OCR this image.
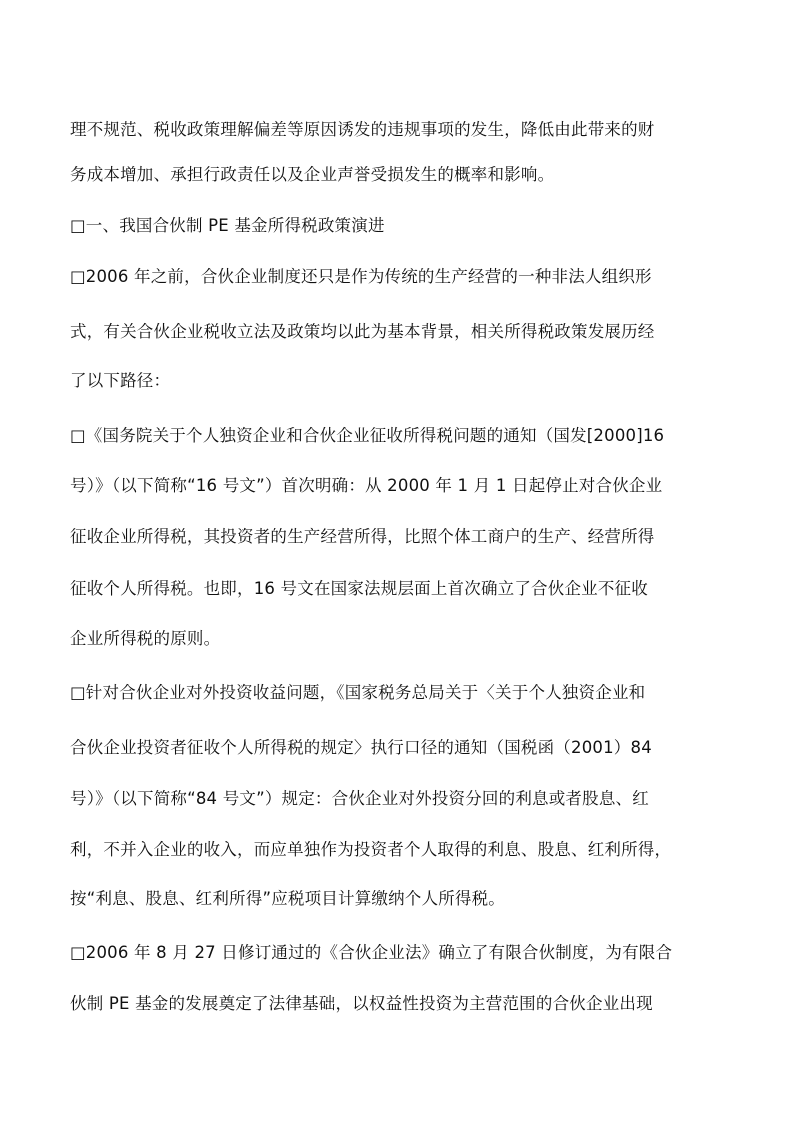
理不规范、税收政策理解偏差等原因诱发的违规事项的发生，降低由此带来的财
务成本增加、承担行政责任以及企业声誉受损发生的概率和影响。
□一、我国合伙制 PE 基金所得税政策演进
□2006 年之前，合伙企业制度还只是作为传统的生产经营的一种非法人组织形
式，有关合伙企业税收立法及政策均以此为基本背景，相关所得税政策发展历经
了以下路径：
□《国务院关于个人独资企业和合伙企业征收所得税问题的通知（国发[2000]16
号）》（以下简称“16 号文”）首次明确：从 2000 年 1 月 1 日起停止对合伙企业
征收企业所得税，其投资者的生产经营所得，比照个体工商户的生产、经营所得
征收个人所得税。也即，16 号文在国家法规层面上首次确立了合伙企业不征收
企业所得税的原则。
□针对合伙企业对外投资收益问题，《国家税务总局关于〈关于个人独资企业和
合伙企业投资者征收个人所得税的规定〉执行口径的通知（国税函（2001）84
号）》（以下简称“84 号文”）规定：合伙企业对外投资分回的利息或者股息、红
利，不并入企业的收入，而应单独作为投资者个人取得的利息、股息、红利所得，
按“利息、股息、红利所得”应税项目计算缴纳个人所得税。
□2006 年 8 月 27 日修订通过的《合伙企业法》确立了有限合伙制度，为有限合
伙制 PE 基金的发展奠定了法律基础，以权益性投资为主营范围的合伙企业出现
